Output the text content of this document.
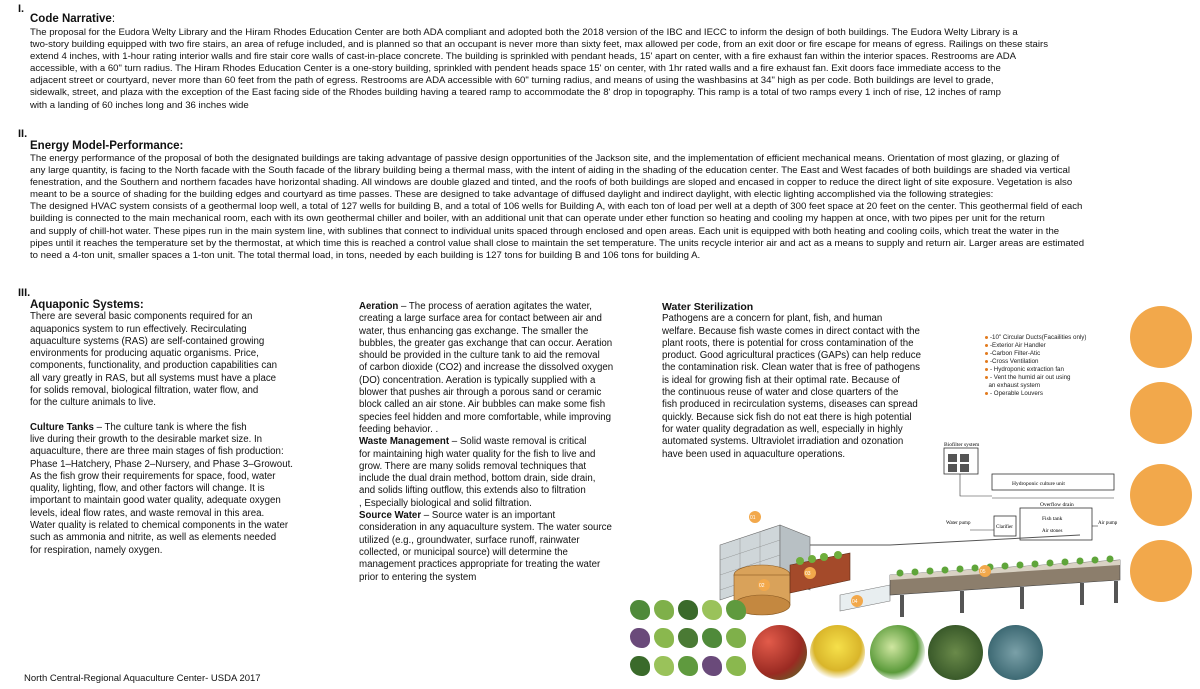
I.
Code Narrative:
The proposal for the Eudora Welty Library and the Hiram Rhodes Education Center are both ADA compliant and adopted both the 2018 version of the IBC and IECC to inform the design of both buildings. The Eudora Welty Library is a
two-story building equipped with two fire stairs, an area of refuge included, and is planned so that an occupant is never more than sixty feet, max allowed per code, from an exit door or fire escape for means of egress. Railings on these stairs
extend 4 inches, with 1-hour rating interior walls and fire stair core walls of cast-in-place concrete. The building is sprinkled with pendant heads, 15' apart on center, with a fire exhaust fan within the interior spaces. Restrooms are ADA
accessible, with a 60" turn radius. The Hiram Rhodes Education Center is a one-story building, sprinkled with pendent heads space 15' on center, with 1hr rated walls and a fire exhaust fan. Exit doors face immediate access to the
adjacent street or courtyard, never more than 60 feet from the path of egress. Restrooms are ADA accessible with 60" turning radius, and means of using the washbasins at 34" high as per code. Both buildings are level to grade,
sidewalk, street, and plaza with the exception of the East facing side of the Rhodes building having a teared ramp to accommodate the 8' drop in topography. This ramp is a total of two ramps every 1 inch of rise, 12 inches of ramp
with a landing of 60 inches long and 36 inches wide
II.
Energy Model-Performance:
The energy performance of the proposal of both the designated buildings are taking advantage of passive design opportunities of the Jackson site, and the implementation of efficient mechanical means. Orientation of most glazing, or glazing of
any large quantity, is facing to the North facade with the South facade of the library building being a thermal mass, with the intent of aiding in the shading of the education center. The East and West facades of both buildings are shaded via vertical
fenestration, and the Southern and northern facades have horizontal shading. All windows are double glazed and tinted, and the roofs of both buildings are sloped and encased in copper to reduce the direct light of site exposure. Vegetation is also
meant to be a source of shading for the building edges and courtyard as time passes. These are designed to take advantage of diffused daylight and indirect daylight, with electic lighting accomplished via the following strategies:
The designed HVAC system consists of a geothermal loop well, a total of 127 wells for building B, and a total of 106 wells for Building A, with each ton of load per well at a depth of 300 feet space at 20 feet on the center. This geothermal field of each
building is connected to the main mechanical room, each with its own geothermal chiller and boiler, with an additional unit that can operate under ether function so heating and cooling my happen at once, with two pipes per unit for the return
and supply of chill-hot water. These pipes run in the main system line, with sublines that connect to individual units spaced through enclosed and open areas. Each unit is equipped with both heating and cooling coils, which treat the water in the
pipes until it reaches the temperature set by the thermostat, at which time this is reached a control value shall close to maintain the set temperature. The units recycle interior air and act as a means to supply and return air. Larger areas are estimated
to need a 4-ton unit, smaller spaces a 1-ton unit. The total thermal load, in tons, needed by each building is 127 tons for building B and 106 tons for building A.
III.
Aquaponic Systems:
There are several basic components required for an
aquaponics system to run effectively. Recirculating
aquaculture systems (RAS) are self-contained growing
environments for producing aquatic organisms. Price,
components, functionality, and production capabilities can
all vary greatly in RAS, but all systems must have a place
for solids removal, biological filtration, water flow, and
for the culture animals to live.
Culture Tanks – The culture tank is where the fish
live during their growth to the desirable market size. In
aquaculture, there are three main stages of fish production:
Phase 1–Hatchery, Phase 2–Nursery, and Phase 3–Growout.
As the fish grow their requirements for space, food, water
quality, lighting, flow, and other factors will change. It is
important to maintain good water quality, adequate oxygen
levels, ideal flow rates, and waste removal in this area.
Water quality is related to chemical components in the water
such as ammonia and nitrite, as well as elements needed
for respiration, namely oxygen.
Aeration – The process of aeration agitates the water,
creating a large surface area for contact between air and
water, thus enhancing gas exchange. The smaller the
bubbles, the greater gas exchange that can occur. Aeration
should be provided in the culture tank to aid the removal
of carbon dioxide (CO2) and increase the dissolved oxygen
(DO) concentration. Aeration is typically supplied with a
blower that pushes air through a porous sand or ceramic
block called an air stone. Air bubbles can make some fish
species feel hidden and more comfortable, while improving
feeding behavior. .
Waste Management – Solid waste removal is critical
for maintaining high water quality for the fish to live and
grow. There are many solids removal techniques that
include the dual drain method, bottom drain, side drain,
and solids lifting outflow, this extends also to filtration
, Especially biological and solid filtration.
Source Water – Source water is an important
consideration in any aquaculture system. The water source
utilized (e.g., groundwater, surface runoff, rainwater
collected, or municipal source) will determine the
management practices appropriate for treating the water
prior to entering the system
Water Sterilization
Pathogens are a concern for plant, fish, and human
welfare. Because fish waste comes in direct contact with the
plant roots, there is potential for cross contamination of the
product. Good agricultural practices (GAPs) can help reduce
the contamination risk. Clean water that is free of pathogens
is ideal for growing fish at their optimal rate. Because of
the continuous reuse of water and close quarters of the
fish produced in recirculation systems, diseases can spread
quickly. Because sick fish do not eat there is high potential
for water quality degradation as well, especially in highly
automated systems. Ultraviolet irradiation and ozonation
have been used in aquaculture operations.
-10" Circular Ducts(Facailities only)
-Exterior Air Handler
-Carbon Filter-Atic
-Cross Ventilation
- Hydroponic extraction fan
- Vent the humid air out using
an exhaust system
- Operable Louvers
Biofilter system
Hydroponic culture unit
Overflow drain
Fish tank
Air stones
Clarifier
Water pump	Air pump
01
02
03
04
05
North Central-Regional Aquaculture Center- USDA 2017
